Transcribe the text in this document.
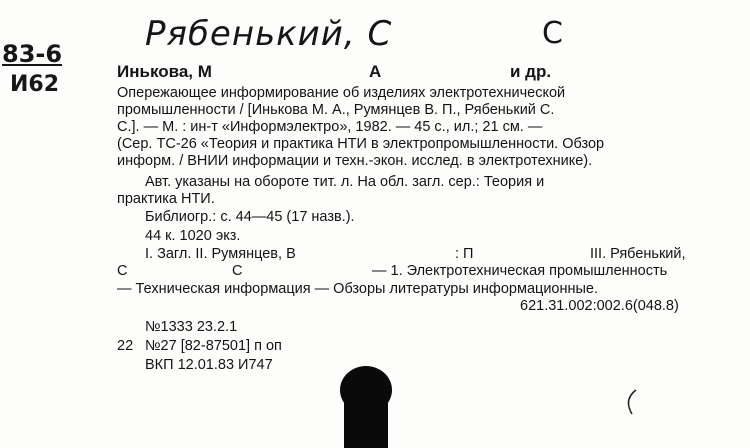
Рябенький, С	С
83-6
И62
Инькова, М	А	и др.
Опережающее информирование об изделиях электротехнической
промышленности / [Инькова М. А., Румянцев В. П., Рябенький С.
С.]. — М. : ин-т «Информэлектро», 1982. — 45 с., ил.; 21 см. —
(Сер. ТС-26 «Теория и практика НТИ в электропромышленности. Обзор
информ. / ВНИИ информации и техн.-экон. исслед. в электротехнике).
Авт. указаны на обороте тит. л. На обл. загл. сер.: Теория и
практика НТИ.
Библиогр.: с. 44—45 (17 назв.).
44 к. 1020 экз.
I. Загл. II. Румянцев, В	: П	III. Рябенький,
С	С	— 1. Электротехническая промышленность
— Техническая информация — Обзоры литературы информационные.
621.31.002:002.6(048.8)
№1333 23.2.1
22 №27 [82-87501] п оп
ВКП 12.01.83 И747
